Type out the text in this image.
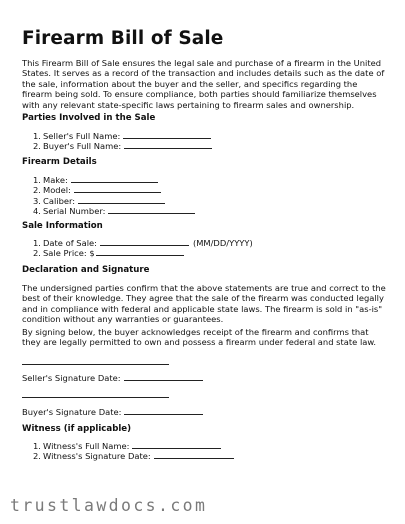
Firearm Bill of Sale
This Firearm Bill of Sale ensures the legal sale and purchase of a firearm in the United States. It serves as a record of the transaction and includes details such as the date of the sale, information about the buyer and the seller, and specifics regarding the firearm being sold. To ensure compliance, both parties should familiarize themselves with any relevant state-specific laws pertaining to firearm sales and ownership.
Parties Involved in the Sale
1. Seller's Full Name:
2. Buyer's Full Name:
Firearm Details
1. Make:
2. Model:
3. Caliber:
4. Serial Number:
Sale Information
1. Date of Sale:	(MM/DD/YYYY)
2. Sale Price: $
Declaration and Signature
The undersigned parties confirm that the above statements are true and correct to the best of their knowledge. They agree that the sale of the firearm was conducted legally and in compliance with federal and applicable state laws. The firearm is sold in "as-is" condition without any warranties or guarantees.
By signing below, the buyer acknowledges receipt of the firearm and confirms that they are legally permitted to own and possess a firearm under federal and state law.
Seller's Signature Date:
Buyer's Signature Date:
Witness (if applicable)
1. Witness's Full Name:
2. Witness's Signature Date:
trustlawdocs.com
